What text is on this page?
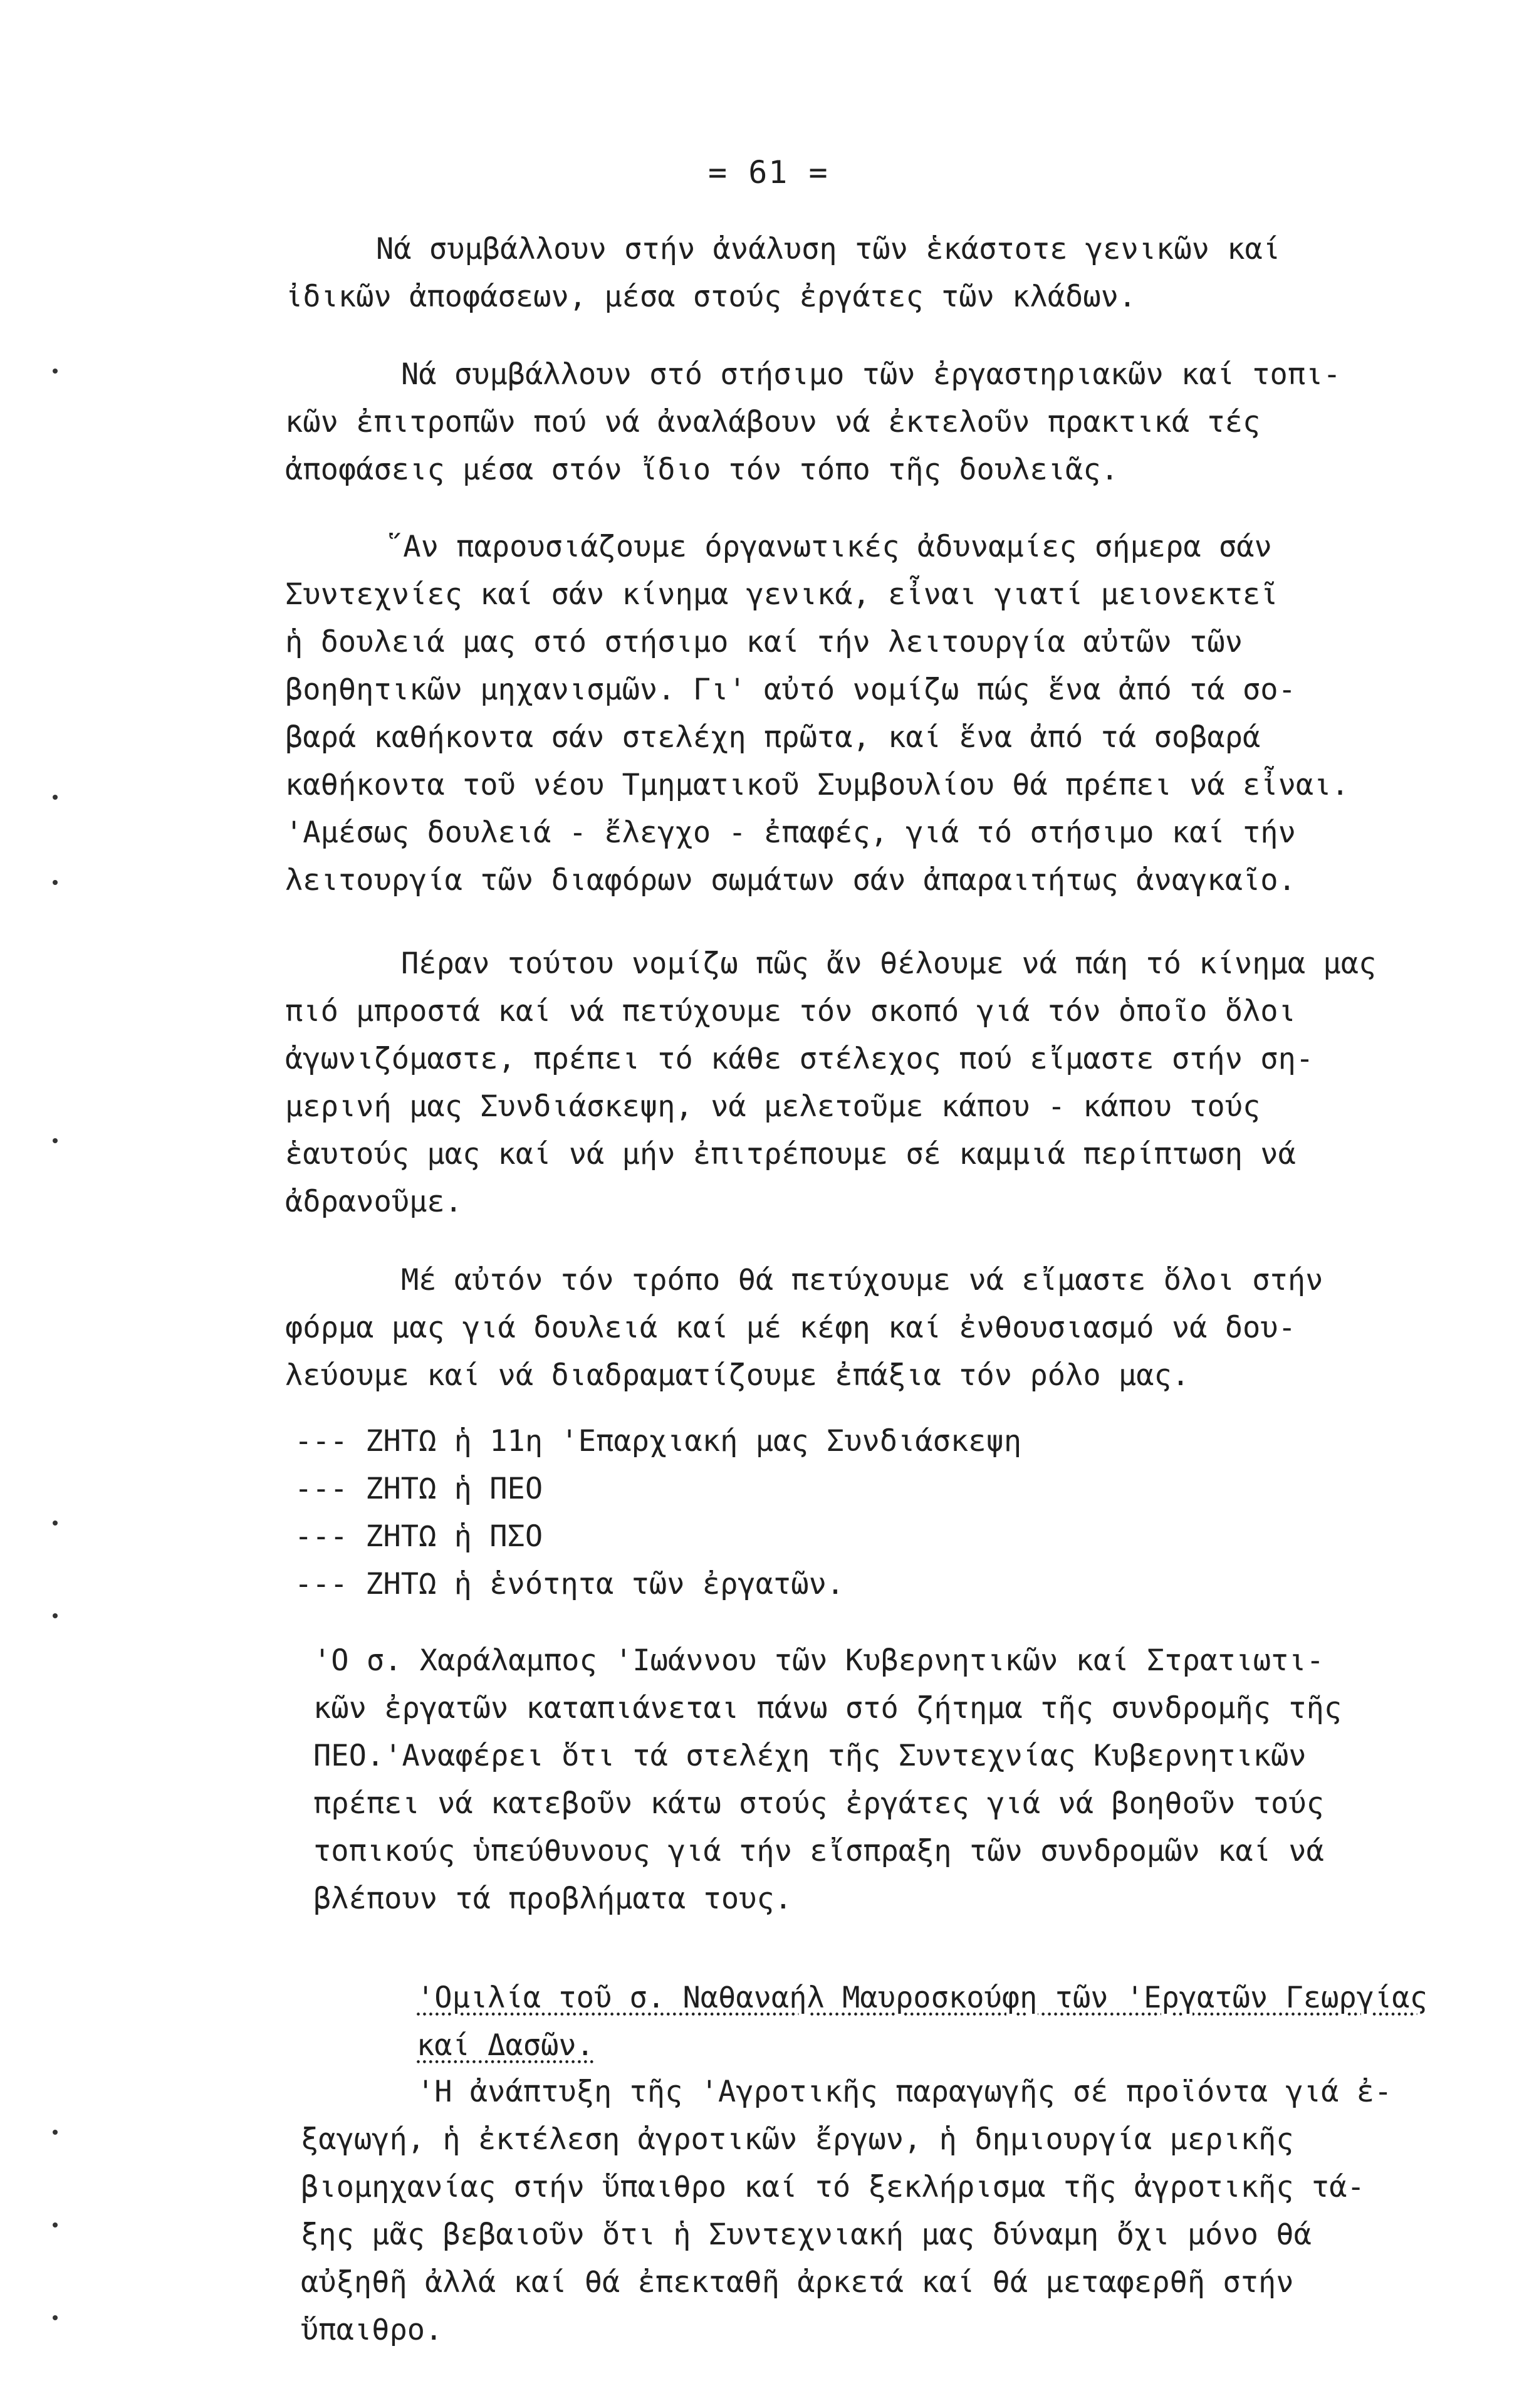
= 61 =

Νά συμβάλλουν στήν ἀνάλυση τῶν ἑκάστοτε γενικῶν καί
ἰδικῶν ἀποφάσεων, μέσα στούς ἐργάτες τῶν κλάδων.

Νά συμβάλλουν στό στήσιμο τῶν ἐργαστηριακῶν καί τοπι-
κῶν ἐπιτροπῶν πού νά ἀναλάβουν νά ἐκτελοῦν πρακτικά τές
ἀποφάσεις μέσα στόν ἴδιο τόν τόπο τῆς δουλειᾶς.

῞Αν παρουσιάζουμε όργανωτικές ἀδυναμίες σήμερα σάν
Συντεχνίες καί σάν κίνημα γενικά, εἶναι γιατί μειονεκτεῖ
ἡ δουλειά μας στό στήσιμο καί τήν λειτουργία αὐτῶν τῶν
βοηθητικῶν μηχανισμῶν. Γι' αὐτό νομίζω πώς ἕνα ἀπό τά σο-
βαρά καθήκοντα σάν στελέχη πρῶτα, καί ἕνα ἀπό τά σοβαρά
καθήκοντα τοῦ νέου Τμηματικοῦ Συμβουλίου θά πρέπει νά εἶναι.
'Αμέσως δουλειά - ἔλεγχο - ἐπαφές, γιά τό στήσιμο καί τήν
λειτουργία τῶν διαφόρων σωμάτων σάν ἀπαραιτήτως ἀναγκαῖο.

Πέραν τούτου νομίζω πῶς ἄν θέλουμε νά πάη τό κίνημα μας
πιό μπροστά καί νά πετύχουμε τόν σκοπό γιά τόν ὁποῖο ὅλοι
ἀγωνιζόμαστε, πρέπει τό κάθε στέλεχος πού εἴμαστε στήν ση-
μερινή μας Συνδιάσκεψη, νά μελετοῦμε κάπου - κάπου τούς
ἑαυτούς μας καί νά μήν ἐπιτρέπουμε σέ καμμιά περίπτωση νά
ἀδρανοῦμε.

Μέ αὐτόν τόν τρόπο θά πετύχουμε νά εἴμαστε ὅλοι στήν
φόρμα μας γιά δουλειά καί μέ κέφη καί ἐνθουσιασμό νά δου-
λεύουμε καί νά διαδραματίζουμε ἐπάξια τόν ρόλο μας.

--- ΖΗΤΩ ἡ 11η 'Επαρχιακή μας Συνδιάσκεψη
--- ΖΗΤΩ ἡ ΠΕΟ
--- ΖΗΤΩ ἡ ΠΣΟ
--- ΖΗΤΩ ἡ ἑνότητα τῶν ἐργατῶν.

'Ο σ. Χαράλαμπος 'Ιωάννου τῶν Κυβερνητικῶν καί Στρατιωτι-
κῶν ἐργατῶν καταπιάνεται πάνω στό ζήτημα τῆς συνδρομῆς τῆς
ΠΕΟ.'Αναφέρει ὅτι τά στελέχη τῆς Συντεχνίας Κυβερνητικῶν
πρέπει νά κατεβοῦν κάτω στούς ἐργάτες γιά νά βοηθοῦν τούς
τοπικούς ὑπεύθυνους γιά τήν εἴσπραξη τῶν συνδρομῶν καί νά
βλέπουν τά προβλήματα τους.

'Ομιλία τοῦ σ. Ναθαναήλ Μαυροσκούφη τῶν 'Εργατῶν Γεωργίας
καί Δασῶν.

'Η ἀνάπτυξη τῆς 'Αγροτικῆς παραγωγῆς σέ προϊόντα γιά ἐ-
ξαγωγή, ἡ ἐκτέλεση ἀγροτικῶν ἔργων, ἡ δημιουργία μερικῆς
βιομηχανίας στήν ὕπαιθρο καί τό ξεκλήρισμα τῆς ἀγροτικῆς τά-
ξης μᾶς βεβαιοῦν ὅτι ἡ Συντεχνιακή μας δύναμη ὄχι μόνο θά
αὐξηθῆ ἀλλά καί θά ἐπεκταθῆ ἀρκετά καί θά μεταφερθῆ στήν
ὕπαιθρο.
